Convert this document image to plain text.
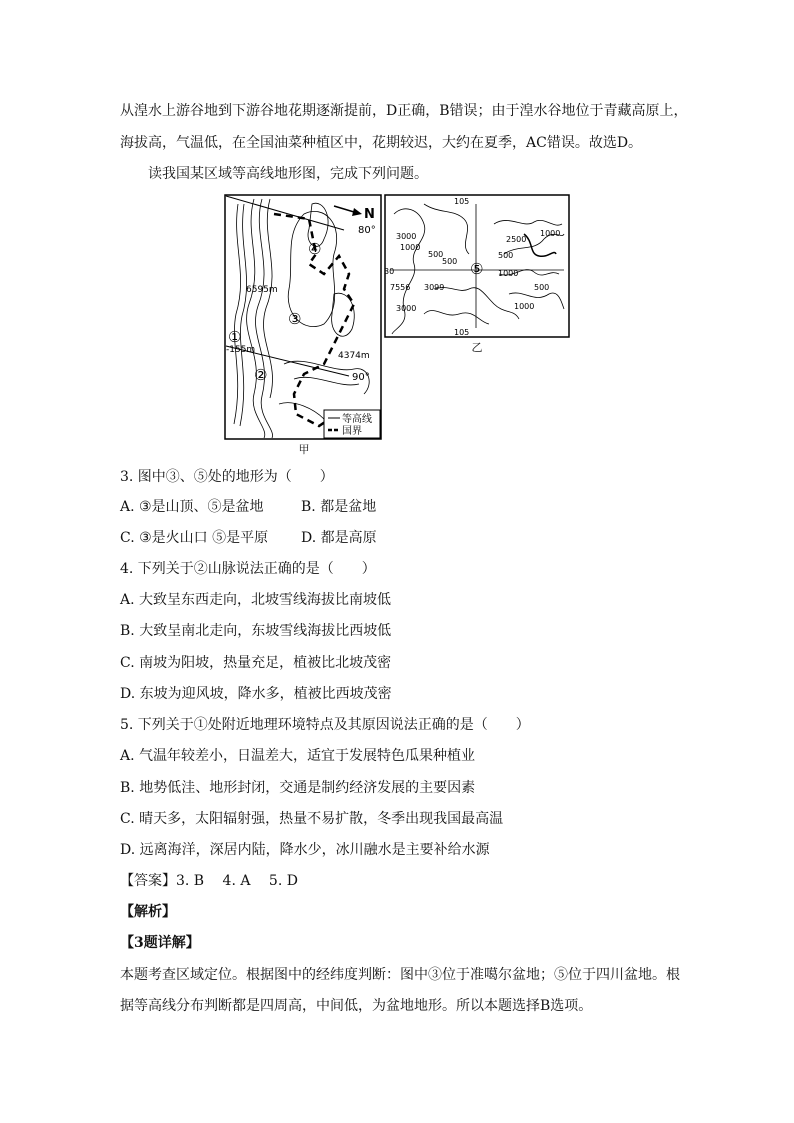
从湟水上游谷地到下游谷地花期逐渐提前，D正确，B错误；由于湟水谷地位于青藏高原上，
海拔高，气温低，在全国油菜种植区中，花期较迟，大约在夏季，AC错误。故选D。
读我国某区域等高线地形图，完成下列问题。
80°
90°
N
6595m
-155m
4374m
①
②
③
④
等高线
国界
甲
105
105
30	⑤
3000
1000
500
500
2500
1000
500
1000
500
7556 3099
3000	1000
乙
3. 图中③、⑤处的地形为（　　）
A. ③是山顶、⑤是盆地	B. 都是盆地
C. ③是火山口 ⑤是平原	D. 都是高原
4. 下列关于②山脉说法正确的是（　　）
A. 大致呈东西走向，北坡雪线海拔比南坡低
B. 大致呈南北走向，东坡雪线海拔比西坡低
C. 南坡为阳坡，热量充足，植被比北坡茂密
D. 东坡为迎风坡，降水多，植被比西坡茂密
5. 下列关于①处附近地理环境特点及其原因说法正确的是（　　）
A. 气温年较差小，日温差大，适宜于发展特色瓜果种植业
B. 地势低洼、地形封闭，交通是制约经济发展的主要因素
C. 晴天多，太阳辐射强，热量不易扩散，冬季出现我国最高温
D. 远离海洋，深居内陆，降水少，冰川融水是主要补给水源
【答案】3. B　 4. A　 5. D
【解析】
【3题详解】
本题考查区域定位。根据图中的经纬度判断：图中③位于准噶尔盆地；⑤位于四川盆地。根
据等高线分布判断都是四周高，中间低，为盆地地形。所以本题选择B选项。
